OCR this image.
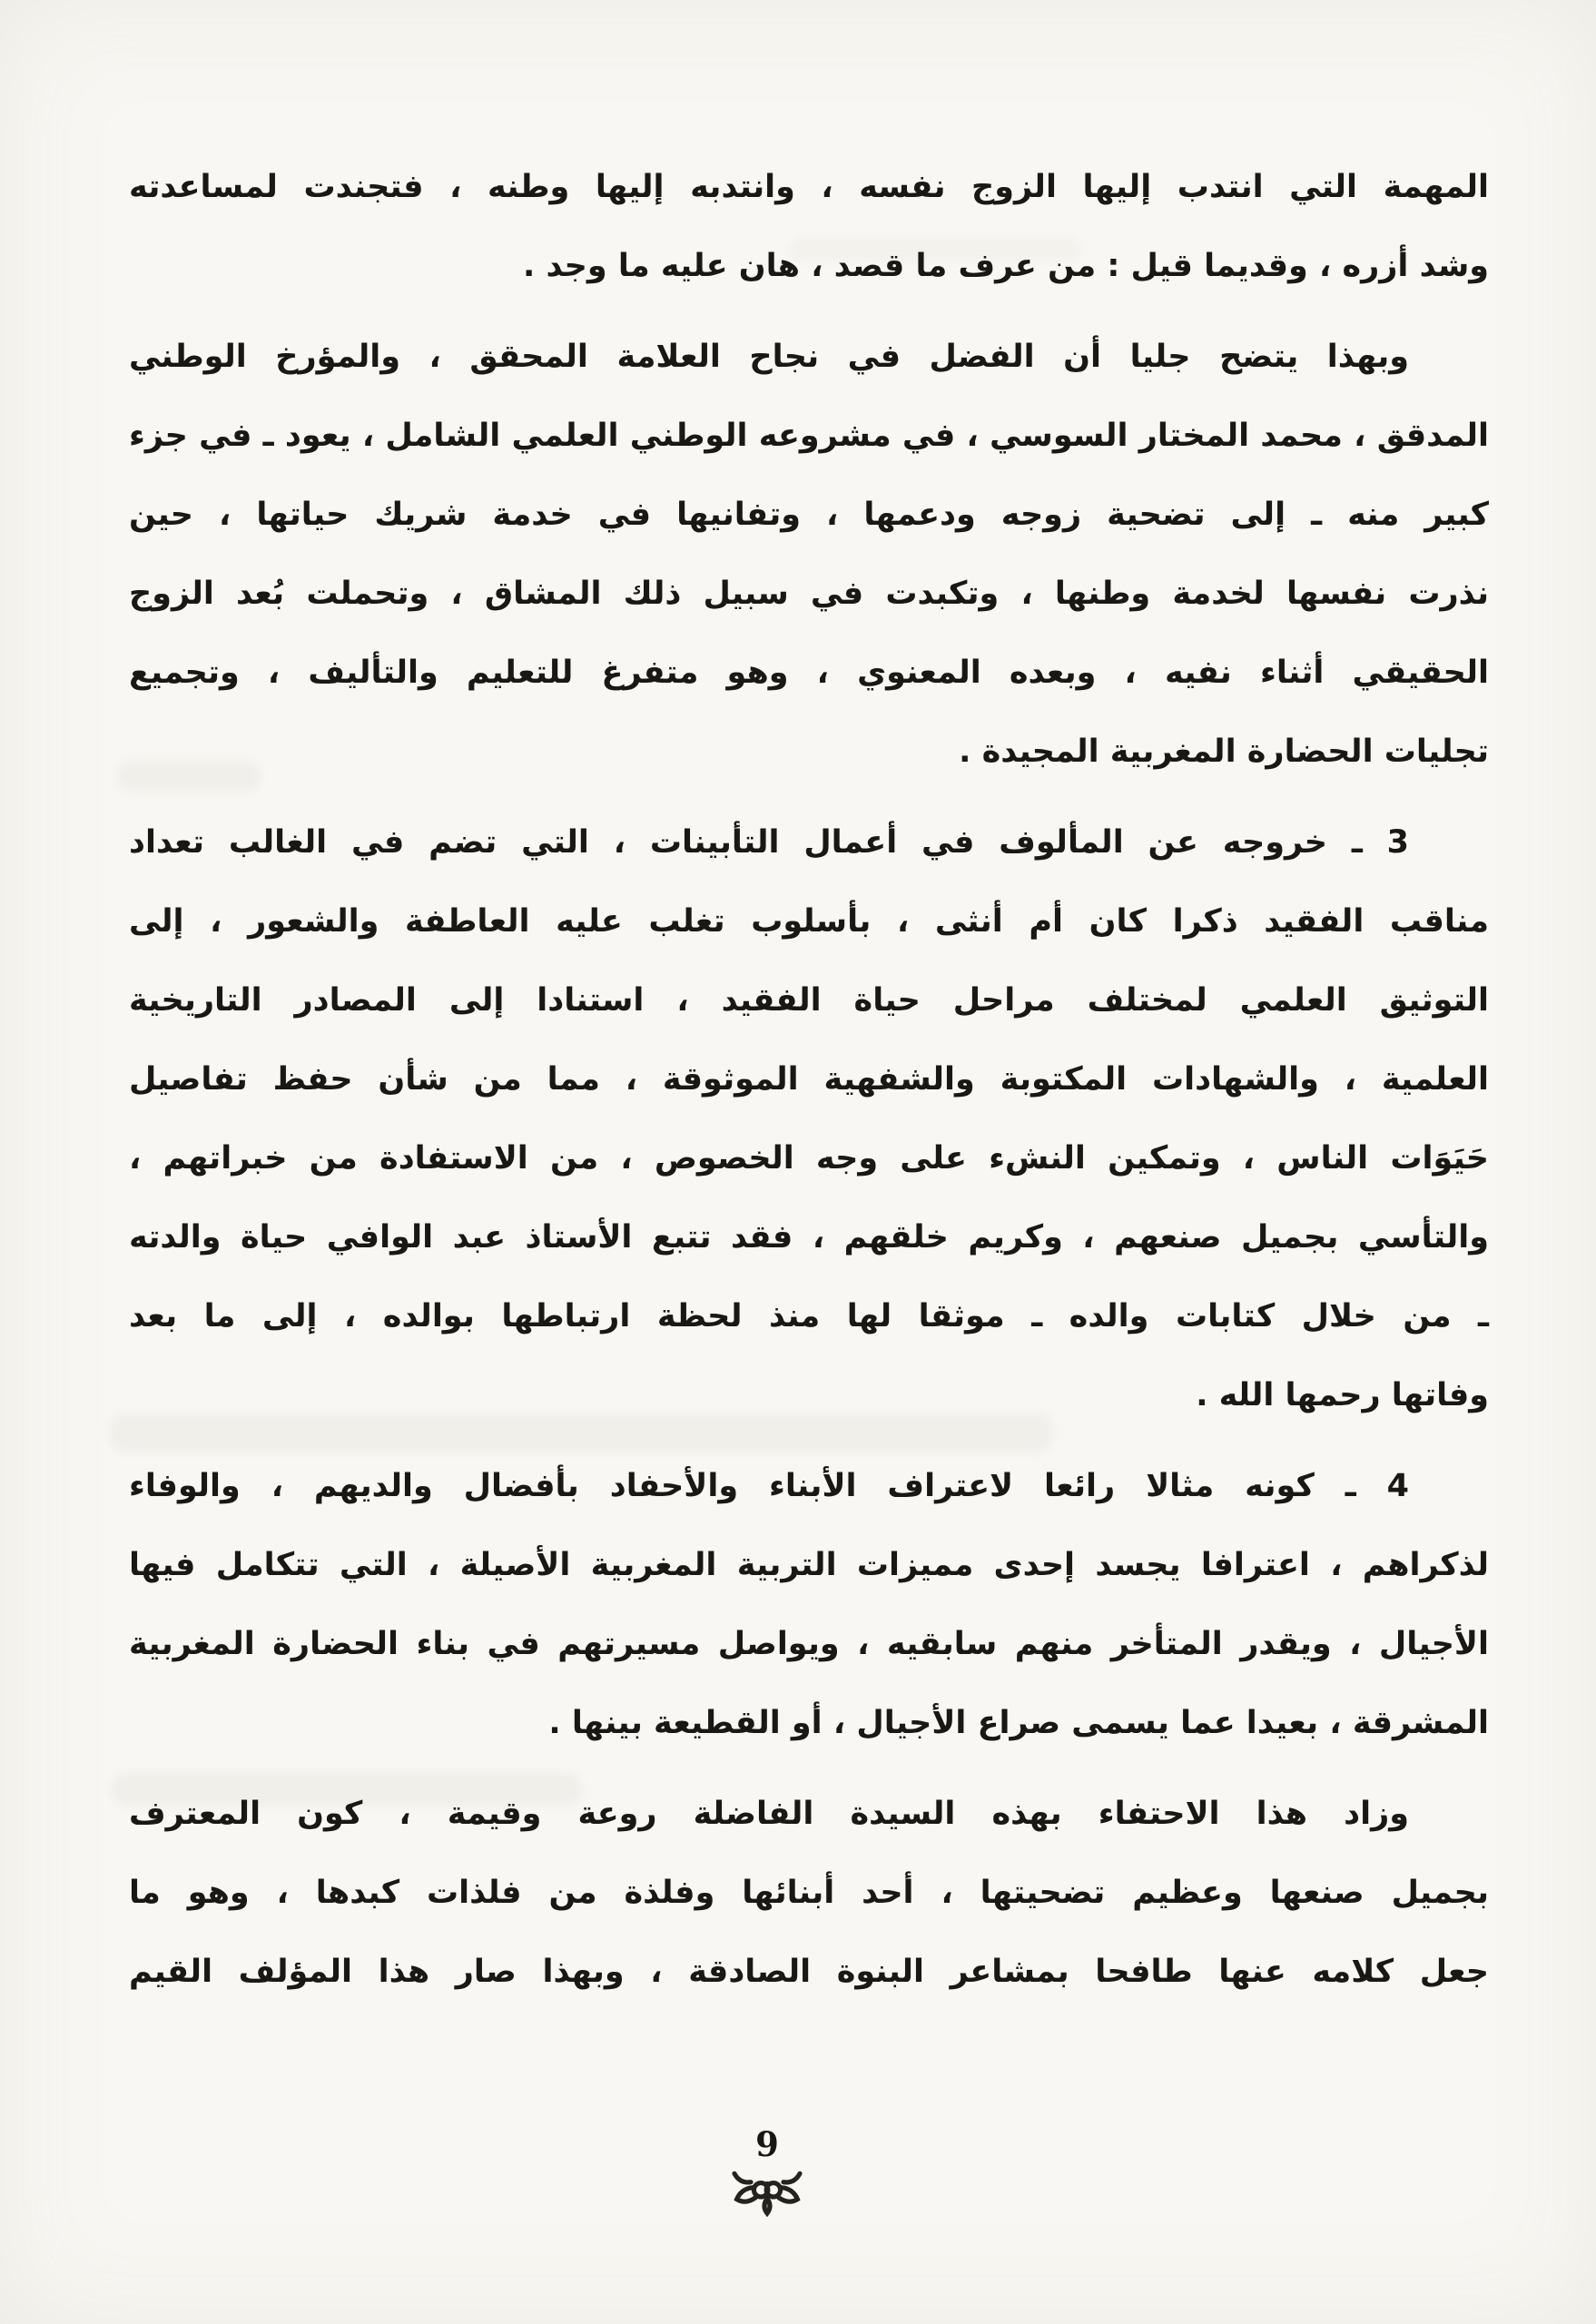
المهمة التي انتدب إليها الزوج نفسه ، وانتدبه إليها وطنه ، فتجندت لمساعدته
وشد أزره ، وقديما قيل : من عرف ما قصد ، هان عليه ما وجد .
وبهذا يتضح جليا أن الفضل في نجاح العلامة المحقق ، والمؤرخ الوطني
المدقق ، محمد المختار السوسي ، في مشروعه الوطني العلمي الشامل ، يعود ـ في جزء
كبير منه ـ إلى تضحية زوجه ودعمها ، وتفانيها في خدمة شريك حياتها ، حين
نذرت نفسها لخدمة وطنها ، وتكبدت في سبيل ذلك المشاق ، وتحملت بُعد الزوج
الحقيقي أثناء نفيه ، وبعده المعنوي ، وهو متفرغ للتعليم والتأليف ، وتجميع
تجليات الحضارة المغربية المجيدة .
3 ـ خروجه عن المألوف في أعمال التأبينات ، التي تضم في الغالب تعداد
مناقب الفقيد ذكرا كان أم أنثى ، بأسلوب تغلب عليه العاطفة والشعور ، إلى
التوثيق العلمي لمختلف مراحل حياة الفقيد ، استنادا إلى المصادر التاريخية
العلمية ، والشهادات المكتوبة والشفهية الموثوقة ، مما من شأن حفظ تفاصيل
حَيَوَات الناس ، وتمكين النشء على وجه الخصوص ، من الاستفادة من خبراتهم ،
والتأسي بجميل صنعهم ، وكريم خلقهم ، فقد تتبع الأستاذ عبد الوافي حياة والدته
ـ من خلال كتابات والده ـ موثقا لها منذ لحظة ارتباطها بوالده ، إلى ما بعد
وفاتها رحمها الله .
4 ـ كونه مثالا رائعا لاعتراف الأبناء والأحفاد بأفضال والديهم ، والوفاء
لذكراهم ، اعترافا يجسد إحدى مميزات التربية المغربية الأصيلة ، التي تتكامل فيها
الأجيال ، ويقدر المتأخر منهم سابقيه ، ويواصل مسيرتهم في بناء الحضارة المغربية
المشرقة ، بعيدا عما يسمى صراع الأجيال ، أو القطيعة بينها .
وزاد هذا الاحتفاء بهذه السيدة الفاضلة روعة وقيمة ، كون المعترف
بجميل صنعها وعظيم تضحيتها ، أحد أبنائها وفلذة من فلذات كبدها ، وهو ما
جعل كلامه عنها طافحا بمشاعر البنوة الصادقة ، وبهذا صار هذا المؤلف القيم
9
